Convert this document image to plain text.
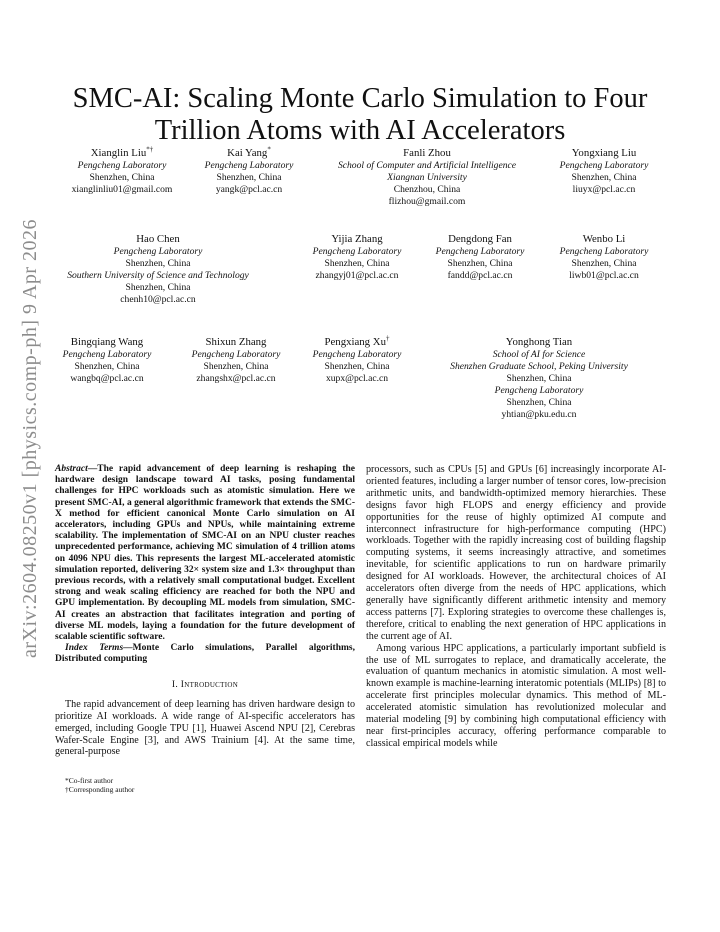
arXiv:2604.08250v1 [physics.comp-ph] 9 Apr 2026
SMC-AI: Scaling Monte Carlo Simulation to Four Trillion Atoms with AI Accelerators
Xianglin Liu*†
Pengcheng Laboratory
Shenzhen, China
xianglinliu01@gmail.com
Kai Yang*
Pengcheng Laboratory
Shenzhen, China
yangk@pcl.ac.cn
Fanli Zhou
School of Computer and Artificial Intelligence
Xiangnan University
Chenzhou, China
flizhou@gmail.com
Yongxiang Liu
Pengcheng Laboratory
Shenzhen, China
liuyx@pcl.ac.cn
Hao Chen
Pengcheng Laboratory
Shenzhen, China
Southern University of Science and Technology
Shenzhen, China
chenh10@pcl.ac.cn
Yijia Zhang
Pengcheng Laboratory
Shenzhen, China
zhangyj01@pcl.ac.cn
Dengdong Fan
Pengcheng Laboratory
Shenzhen, China
fandd@pcl.ac.cn
Wenbo Li
Pengcheng Laboratory
Shenzhen, China
liwb01@pcl.ac.cn
Bingqiang Wang
Pengcheng Laboratory
Shenzhen, China
wangbq@pcl.ac.cn
Shixun Zhang
Pengcheng Laboratory
Shenzhen, China
zhangshx@pcl.ac.cn
Pengxiang Xu†
Pengcheng Laboratory
Shenzhen, China
xupx@pcl.ac.cn
Yonghong Tian
School of AI for Science
Shenzhen Graduate School, Peking University
Shenzhen, China
Pengcheng Laboratory
Shenzhen, China
yhtian@pku.edu.cn
Abstract—The rapid advancement of deep learning is reshaping the hardware design landscape toward AI tasks, posing fundamental challenges for HPC workloads such as atomistic simulation. Here we present SMC-AI, a general algorithmic framework that extends the SMC-X method for efficient canonical Monte Carlo simulation on AI accelerators, including GPUs and NPUs, while maintaining extreme scalability. The implementation of SMC-AI on an NPU cluster reaches unprecedented performance, achieving MC simulation of 4 trillion atoms on 4096 NPU dies. This represents the largest ML-accelerated atomistic simulation reported, delivering 32× system size and 1.3× throughput than previous records, with a relatively small computational budget. Excellent strong and weak scaling efficiency are reached for both the NPU and GPU implementation. By decoupling ML models from simulation, SMC-AI creates an abstraction that facilitates integration and porting of diverse ML models, laying a foundation for the future development of scalable scientific software.
Index Terms—Monte Carlo simulations, Parallel algorithms, Distributed computing
I. Introduction

The rapid advancement of deep learning has driven hardware design to prioritize AI workloads. A wide range of AI-specific accelerators has emerged, including Google TPU [1], Huawei Ascend NPU [2], Cerebras Wafer-Scale Engine [3], and AWS Trainium [4]. At the same time, general-purpose

*Co-first author
†Corresponding author

processors, such as CPUs [5] and GPUs [6] increasingly incorporate AI-oriented features, including a larger number of tensor cores, low-precision arithmetic units, and bandwidth-optimized memory hierarchies. These designs favor high FLOPS and energy efficiency and provide opportunities for the reuse of highly optimized AI compute and interconnect infrastructure for high-performance computing (HPC) workloads. Together with the rapidly increasing cost of building flagship computing systems, it seems increasingly attractive, and sometimes inevitable, for scientific applications to run on hardware primarily designed for AI workloads. However, the architectural choices of AI accelerators often diverge from the needs of HPC applications, which generally have significantly different arithmetic intensity and memory access patterns [7]. Exploring strategies to overcome these challenges is, therefore, critical to enabling the next generation of HPC applications in the current age of AI.

Among various HPC applications, a particularly important subfield is the use of ML surrogates to replace, and dramatically accelerate, the evaluation of quantum mechanics in atomistic simulation. A most well-known example is machine-learning interatomic potentials (MLIPs) [8] to accelerate first principles molecular dynamics. This method of ML-accelerated atomistic simulation has revolutionized molecular and material modeling [9] by combining high computational efficiency with near first-principles accuracy, offering performance comparable to classical empirical models while
